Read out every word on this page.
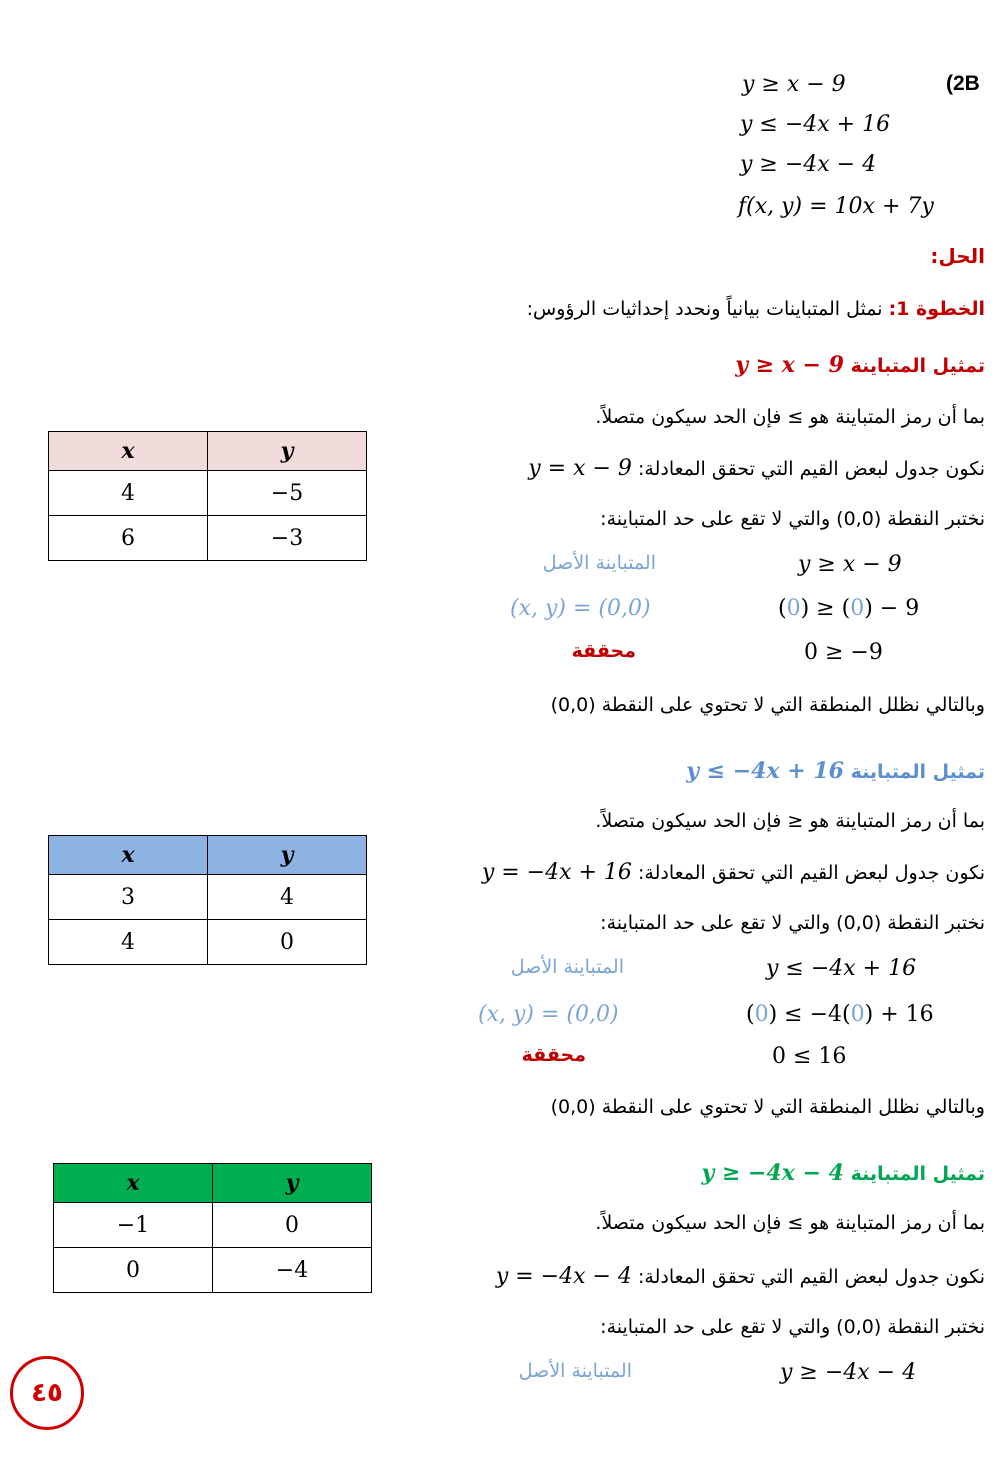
(2B
y ≥ x − 9
y ≤ −4x + 16
y ≥ −4x − 4
f(x, y) = 10x + 7y
الحل:
الخطوة 1: نمثل المتباينات بيانياً ونحدد إحداثيات الرؤوس:
تمثيل المتباينة y ≥ x − 9
بما أن رمز المتباينة هو ≥ فإن الحد سيكون متصلاً.
نكون جدول لبعض القيم التي تحقق المعادلة: y = x − 9
نختبر النقطة (0,0) والتي لا تقع على حد المتباينة:
المتباينة الأصل	y ≥ x − 9
(x, y) = (0,0)	(0) ≥ (0) − 9
محققة	0 ≥ −9
وبالتالي نظلل المنطقة التي لا تحتوي على النقطة (0,0)
x	y
4	−5
6	−3
تمثيل المتباينة y ≤ −4x + 16
بما أن رمز المتباينة هو ≤ فإن الحد سيكون متصلاً.
نكون جدول لبعض القيم التي تحقق المعادلة: y = −4x + 16
نختبر النقطة (0,0) والتي لا تقع على حد المتباينة:
المتباينة الأصل	y ≤ −4x + 16
(x, y) = (0,0)	(0) ≤ −4(0) + 16
محققة	0 ≤ 16
وبالتالي نظلل المنطقة التي لا تحتوي على النقطة (0,0)
x	y
3	4
4	0
تمثيل المتباينة y ≥ −4x − 4
بما أن رمز المتباينة هو ≥ فإن الحد سيكون متصلاً.
نكون جدول لبعض القيم التي تحقق المعادلة: y = −4x − 4
نختبر النقطة (0,0) والتي لا تقع على حد المتباينة:
المتباينة الأصل	y ≥ −4x − 4
x	y
−1	0
0	−4
٤٥
